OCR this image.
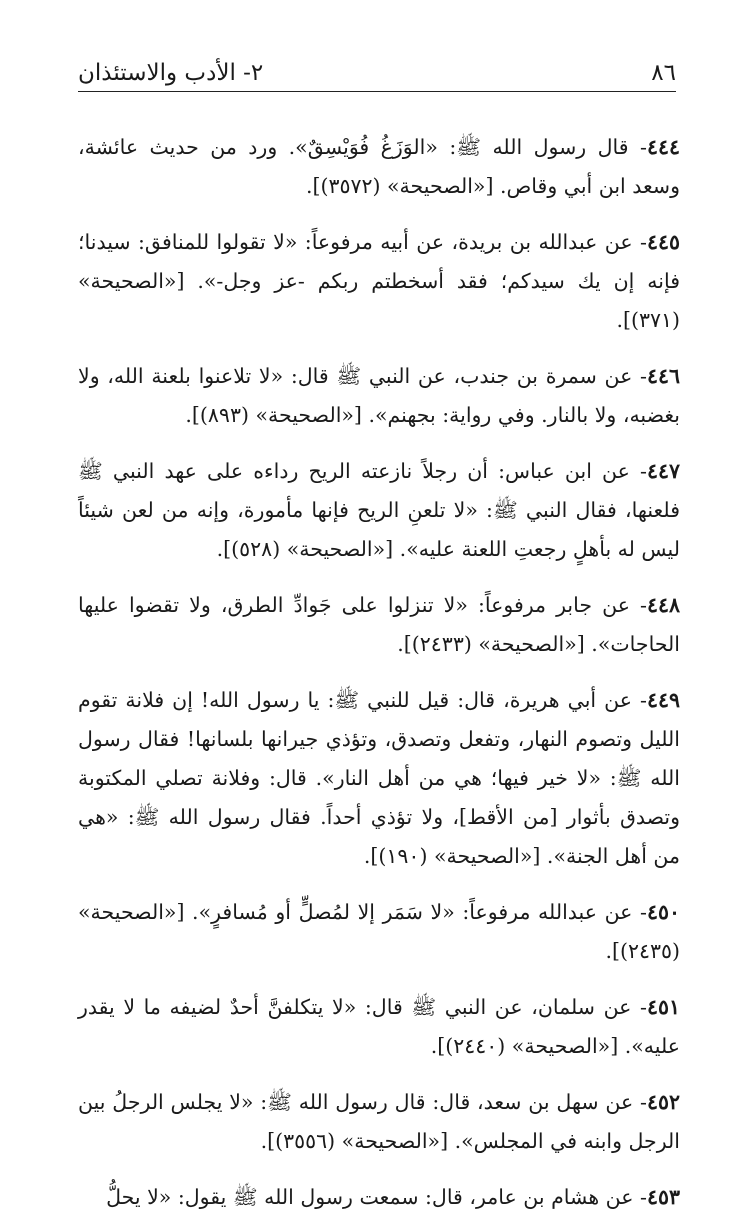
٨٦
٢- الأدب والاستئذان

٤٤٤- قال رسول الله ﷺ: «الوَزَغُ فُوَيْسِقٌ». ورد من حديث عائشة، وسعد ابن أبي وقاص. [«الصحيحة» (٣٥٧٢)].

٤٤٥- عن عبدالله بن بريدة، عن أبيه مرفوعاً: «لا تقولوا للمنافق: سيدنا؛ فإنه إن يك سيدكم؛ فقد أسخطتم ربكم -عز وجل-». [«الصحيحة» (٣٧١)].

٤٤٦- عن سمرة بن جندب، عن النبي ﷺ قال: «لا تلاعنوا بلعنة الله، ولا بغضبه، ولا بالنار. وفي رواية: بجهنم». [«الصحيحة» (٨٩٣)].

٤٤٧- عن ابن عباس: أن رجلاً نازعته الريح رداءه على عهد النبي ﷺ فلعنها، فقال النبي ﷺ: «لا تلعنِ الريح فإنها مأمورة، وإنه من لعن شيئاً ليس له بأهلٍ رجعتِ اللعنة عليه». [«الصحيحة» (٥٢٨)].

٤٤٨- عن جابر مرفوعاً: «لا تنزلوا على جَوادِّ الطرق، ولا تقضوا عليها الحاجات». [«الصحيحة» (٢٤٣٣)].

٤٤٩- عن أبي هريرة، قال: قيل للنبي ﷺ: يا رسول الله! إن فلانة تقوم الليل وتصوم النهار، وتفعل وتصدق، وتؤذي جيرانها بلسانها! فقال رسول الله ﷺ: «لا خير فيها؛ هي من أهل النار». قال: وفلانة تصلي المكتوبة وتصدق بأثوار [من الأقط]، ولا تؤذي أحداً. فقال رسول الله ﷺ: «هي من أهل الجنة». [«الصحيحة» (١٩٠)].

٤٥٠- عن عبدالله مرفوعاً: «لا سَمَر إلا لمُصلٍّ أو مُسافرٍ». [«الصحيحة» (٢٤٣٥)].

٤٥١- عن سلمان، عن النبي ﷺ قال: «لا يتكلفنَّ أحدٌ لضيفه ما لا يقدر عليه». [«الصحيحة» (٢٤٤٠)].

٤٥٢- عن سهل بن سعد، قال: قال رسول الله ﷺ: «لا يجلس الرجلُ بين الرجل وابنه في المجلس». [«الصحيحة» (٣٥٥٦)].

٤٥٣- عن هشام بن عامر، قال: سمعت رسول الله ﷺ يقول: «لا يحلُّ
